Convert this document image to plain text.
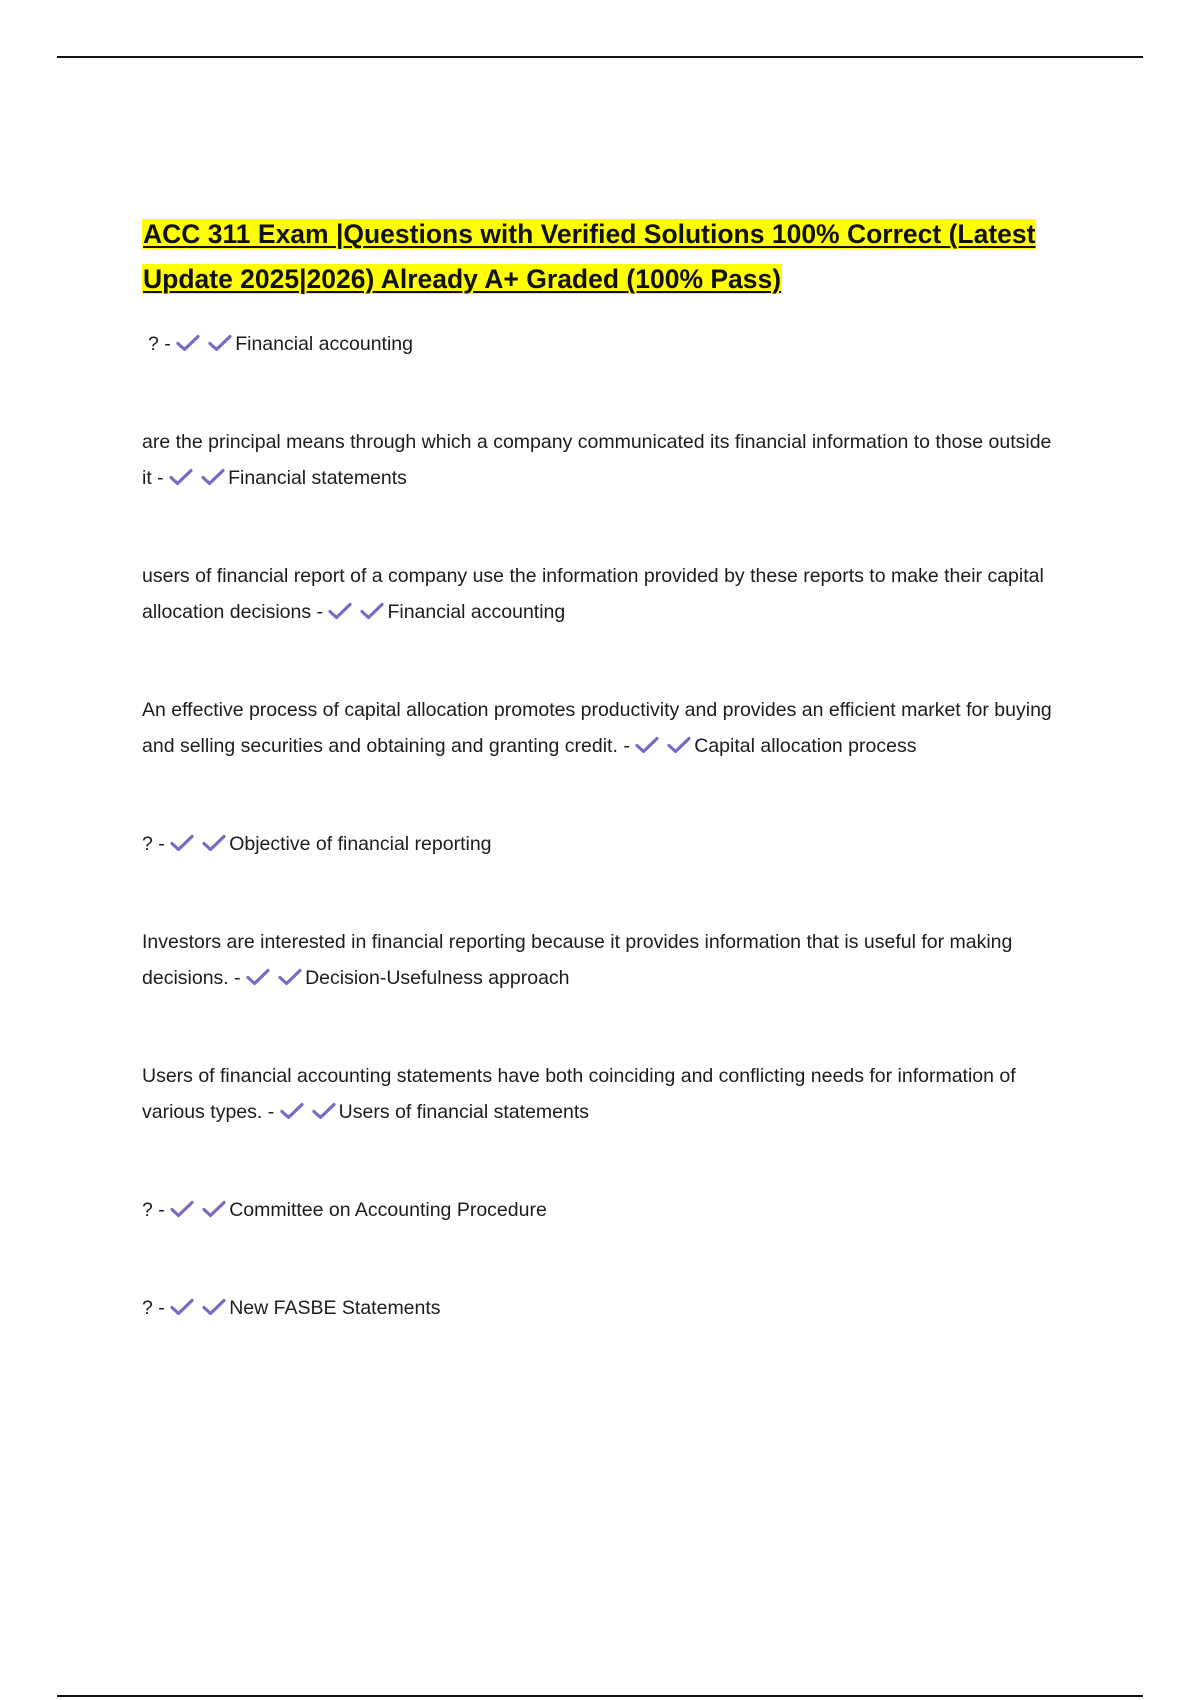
ACC 311 Exam |Questions with Verified Solutions 100% Correct (Latest Update 2025|2026) Already A+ Graded (100% Pass)
? -	Financial accounting
are the principal means through which a company communicated its financial information to those outside it -	Financial statements
users of financial report of a company use the information provided by these reports to make their capital allocation decisions -	Financial accounting
An effective process of capital allocation promotes productivity and provides an efficient market for buying and selling securities and obtaining and granting credit. -	Capital allocation process
? -	Objective of financial reporting
Investors are interested in financial reporting because it provides information that is useful for making decisions. -	Decision-Usefulness approach
Users of financial accounting statements have both coinciding and conflicting needs for information of various types. -	Users of financial statements
? -	Committee on Accounting Procedure
? -	New FASBE Statements
